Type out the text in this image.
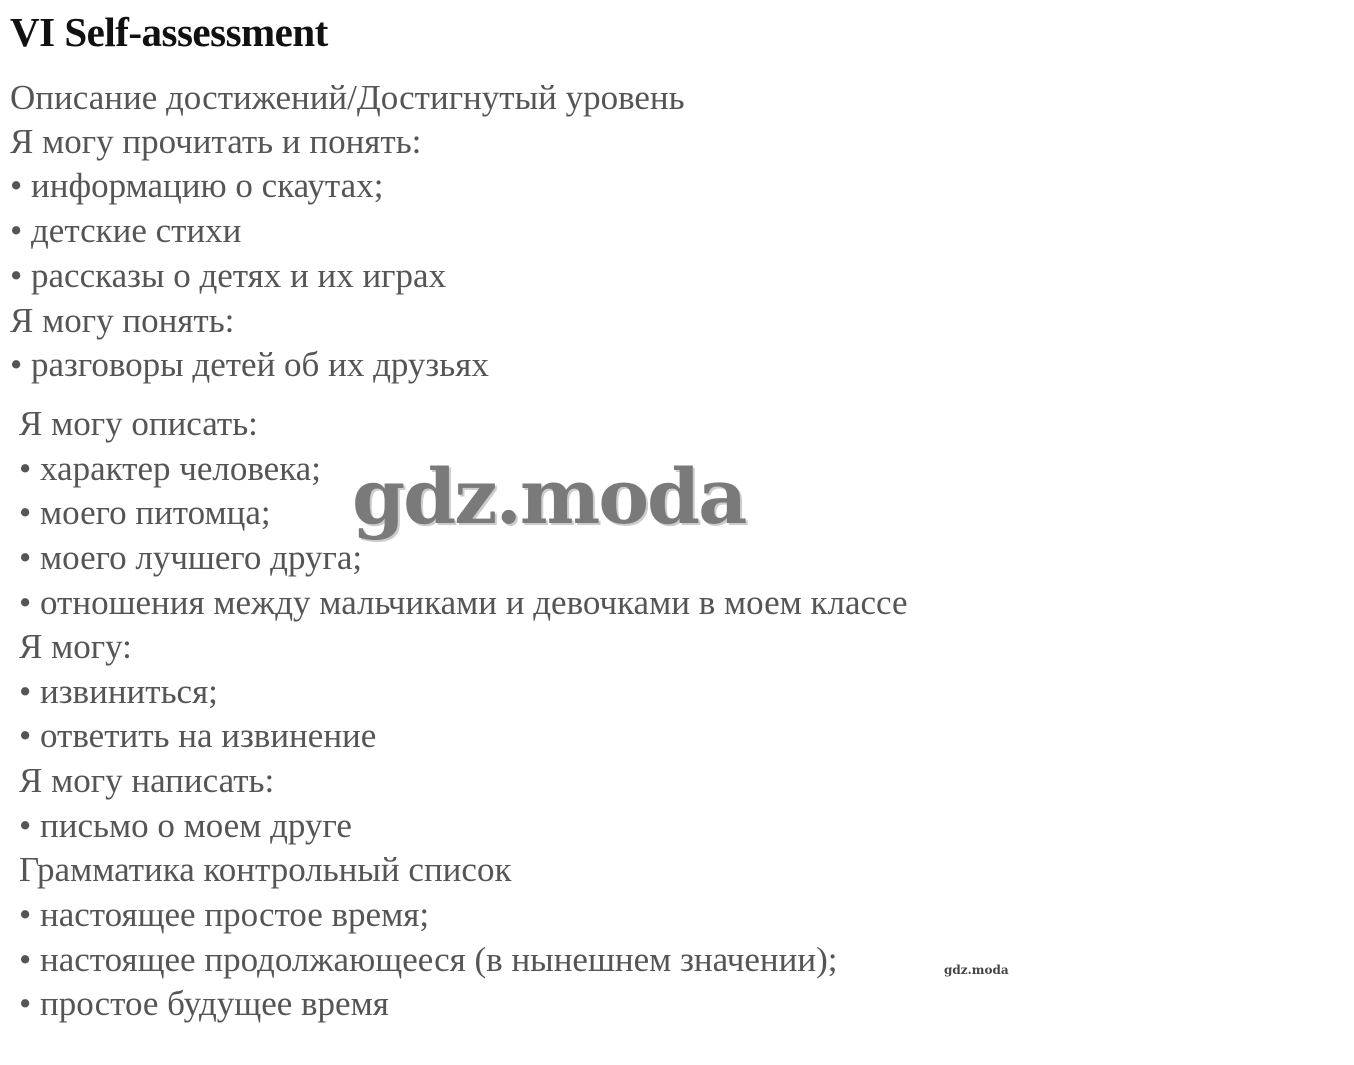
VI Self-assessment
Описание достижений/Достигнутый уровень
Я могу прочитать и понять:
• информацию о скаутах;
• детские стихи
• рассказы о детях и их играх
Я могу понять:
• разговоры детей об их друзьях
Я могу описать:
• характер человека;
• моего питомца;
• моего лучшего друга;
• отношения между мальчиками и девочками в моем классе
Я могу:
• извиниться;
• ответить на извинение
Я могу написать:
• письмо о моем друге
Грамматика контрольный список
• настоящее простое время;
• настоящее продолжающееся (в нынешнем значении);
• простое будущее время
gdz.moda
gdz.moda
